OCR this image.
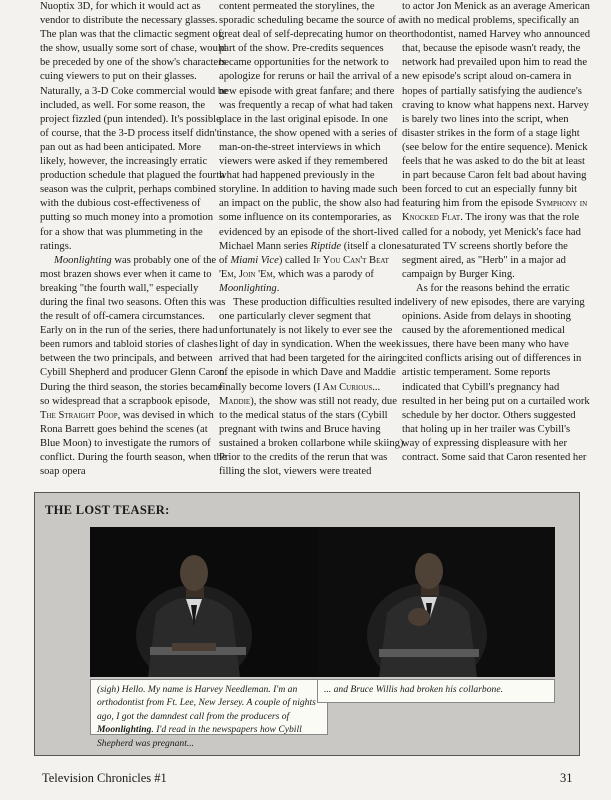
Nuoptix 3D, for which it would act as vendor to distribute the necessary glasses. The plan was that the climactic segment of the show, usually some sort of chase, would be preceded by one of the show's characters cuing viewers to put on their glasses. Naturally, a 3-D Coke commercial would be included, as well. For some reason, the project fizzled (pun intended). It's possible, of course, that the 3-D process itself didn't pan out as had been anticipated. More likely, however, the increasingly erratic production schedule that plagued the fourth season was the culprit, perhaps combined with the dubious cost-effectiveness of putting so much money into a promotion for a show that was plummeting in the ratings.

Moonlighting was probably one of the most brazen shows ever when it came to breaking "the fourth wall," especially during the final two seasons. Often this was the result of off-camera circumstances. Early on in the run of the series, there had been rumors and tabloid stories of clashes between the two principals, and between Cybill Shepherd and producer Glenn Caron. During the third season, the stories became so widespread that a scrapbook episode, The Straight Poop, was devised in which Rona Barrett goes behind the scenes (at Blue Moon) to investigate the rumors of conflict. During the fourth season, when the soap opera

content permeated the storylines, the sporadic scheduling became the source of a great deal of self-deprecating humor on the part of the show. Pre-credits sequences became opportunities for the network to apologize for reruns or hail the arrival of a new episode with great fanfare; and there was frequently a recap of what had taken place in the last original episode. In one instance, the show opened with a series of man-on-the-street interviews in which viewers were asked if they remembered what had happened previously in the storyline. In addition to having made such an impact on the public, the show also had some influence on its contemporaries, as evidenced by an episode of the short-lived Michael Mann series Riptide (itself a clone of Miami Vice) called If You Can't Beat 'Em, Join 'Em, which was a parody of Moonlighting.

These production difficulties resulted in one particularly clever segment that unfortunately is not likely to ever see the light of day in syndication. When the week arrived that had been targeted for the airing of the episode in which Dave and Maddie finally become lovers (I Am Curious... Maddie), the show was still not ready, due to the medical status of the stars (Cybill pregnant with twins and Bruce having sustained a broken collarbone while skiing). Prior to the credits of the rerun that was filling the slot, viewers were treated

to actor Jon Menick as an average American with no medical problems, specifically an orthodontist, named Harvey who announced that, because the episode wasn't ready, the network had prevailed upon him to read the new episode's script aloud on-camera in hopes of partially satisfying the audience's craving to know what happens next. Harvey is barely two lines into the script, when disaster strikes in the form of a stage light (see below for the entire sequence). Menick feels that he was asked to do the bit at least in part because Caron felt bad about having been forced to cut an especially funny bit featuring him from the episode Symphony in Knocked Flat. The irony was that the role called for a nobody, yet Menick's face had saturated TV screens shortly before the segment aired, as "Herb" in a major ad campaign by Burger King.

As for the reasons behind the erratic delivery of new episodes, there are varying opinions. Aside from delays in shooting caused by the aforementioned medical issues, there have been many who have cited conflicts arising out of differences in artistic temperament. Some reports indicated that Cybill's pregnancy had resulted in her being put on a curtailed work schedule by her doctor. Others suggested that holing up in her trailer was Cybill's way of expressing displeasure with her contract. Some said that Caron resented her

THE LOST TEASER:
(sigh) Hello. My name is Harvey Needleman. I'm an orthodontist from Ft. Lee, New Jersey. A couple of nights ago, I got the damndest call from the producers of Moonlighting. I'd read in the newspapers how Cybill Shepherd was pregnant...
... and Bruce Willis had broken his collarbone.
Television Chronicles #1	31
